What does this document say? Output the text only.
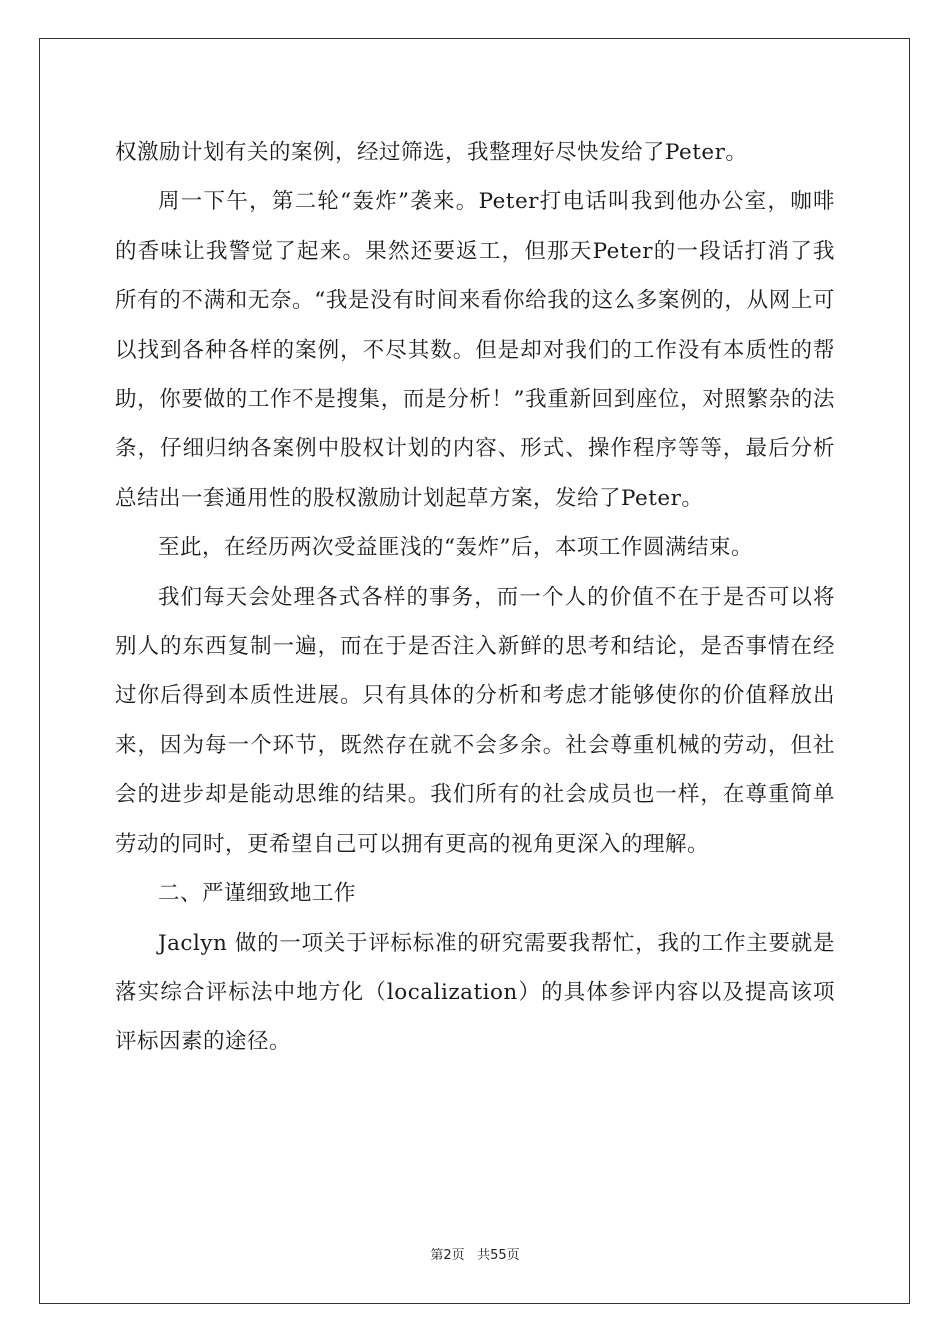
权激励计划有关的案例，经过筛选，我整理好尽快发给了Peter。

周一下午，第二轮“轰炸”袭来。Peter打电话叫我到他办公室，咖啡的香味让我警觉了起来。果然还要返工，但那天Peter的一段话打消了我所有的不满和无奈。“我是没有时间来看你给我的这么多案例的，从网上可以找到各种各样的案例，不尽其数。但是却对我们的工作没有本质性的帮助，你要做的工作不是搜集，而是分析！”我重新回到座位，对照繁杂的法条，仔细归纳各案例中股权计划的内容、形式、操作程序等等，最后分析总结出一套通用性的股权激励计划起草方案，发给了Peter。

至此，在经历两次受益匪浅的“轰炸”后，本项工作圆满结束。

我们每天会处理各式各样的事务，而一个人的价值不在于是否可以将别人的东西复制一遍，而在于是否注入新鲜的思考和结论，是否事情在经过你后得到本质性进展。只有具体的分析和考虑才能够使你的价值释放出来，因为每一个环节，既然存在就不会多余。社会尊重机械的劳动，但社会的进步却是能动思维的结果。我们所有的社会成员也一样，在尊重简单劳动的同时，更希望自己可以拥有更高的视角更深入的理解。

二、严谨细致地工作

Jaclyn 做的一项关于评标标准的研究需要我帮忙，我的工作主要就是落实综合评标法中地方化（localization）的具体参评内容以及提高该项评标因素的途径。

第2页 共55页
